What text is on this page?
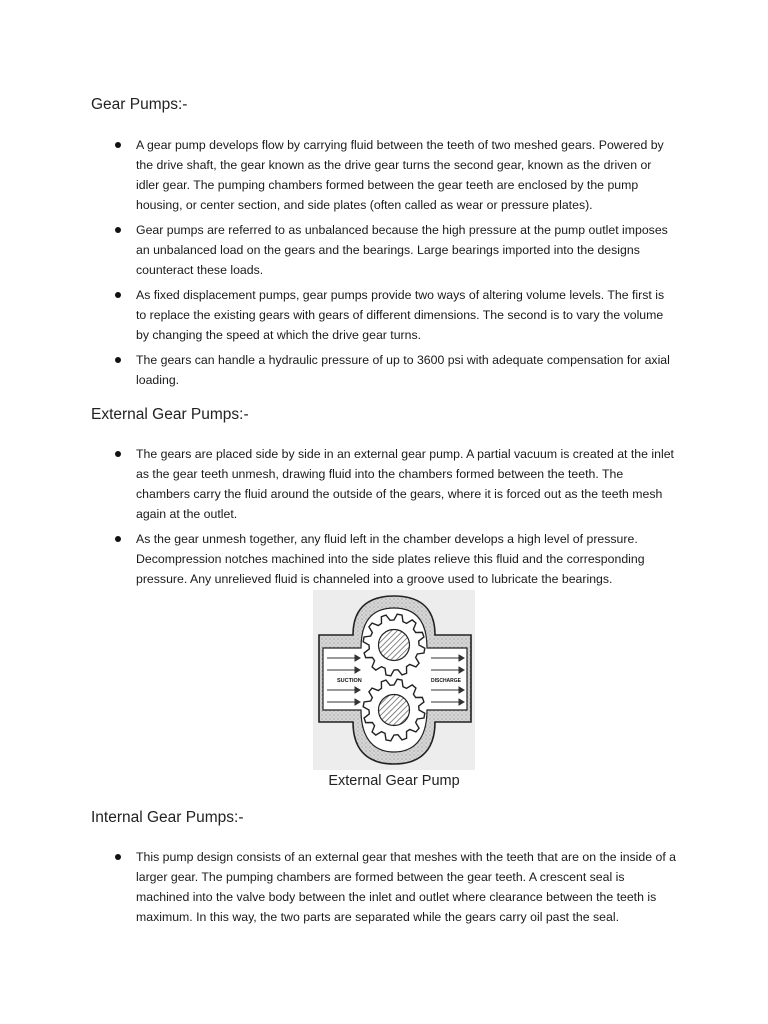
Gear Pumps:-
A gear pump develops flow by carrying fluid between the teeth of two meshed gears. Powered by the drive shaft, the gear known as the drive gear turns the second gear, known as the driven or idler gear. The pumping chambers formed between the gear teeth are enclosed by the pump housing, or center section, and side plates (often called as wear or pressure plates).
Gear pumps are referred to as unbalanced because the high pressure at the pump outlet imposes an unbalanced load on the gears and the bearings. Large bearings imported into the designs counteract these loads.
As fixed displacement pumps, gear pumps provide two ways of altering volume levels. The first is to replace the existing gears with gears of different dimensions. The second is to vary the volume by changing the speed at which the drive gear turns.
The gears can handle a hydraulic pressure of up to 3600 psi with adequate compensation for axial loading.
External Gear Pumps:-
The gears are placed side by side in an external gear pump. A partial vacuum is created at the inlet as the gear teeth unmesh, drawing fluid into the chambers formed between the teeth. The chambers carry the fluid around the outside of the gears, where it is forced out as the teeth mesh again at the outlet.
As the gear unmesh together, any fluid left in the chamber develops a high level of pressure. Decompression notches machined into the side plates relieve this fluid and the corresponding pressure. Any unrelieved fluid is channeled into a groove used to lubricate the bearings.
SUCTION	DISCHARGE
External Gear Pump
Internal Gear Pumps:-
This pump design consists of an external gear that meshes with the teeth that are on the inside of a larger gear. The pumping chambers are formed between the gear teeth. A crescent seal is machined into the valve body between the inlet and outlet where clearance between the teeth is maximum. In this way, the two parts are separated while the gears carry oil past the seal.
